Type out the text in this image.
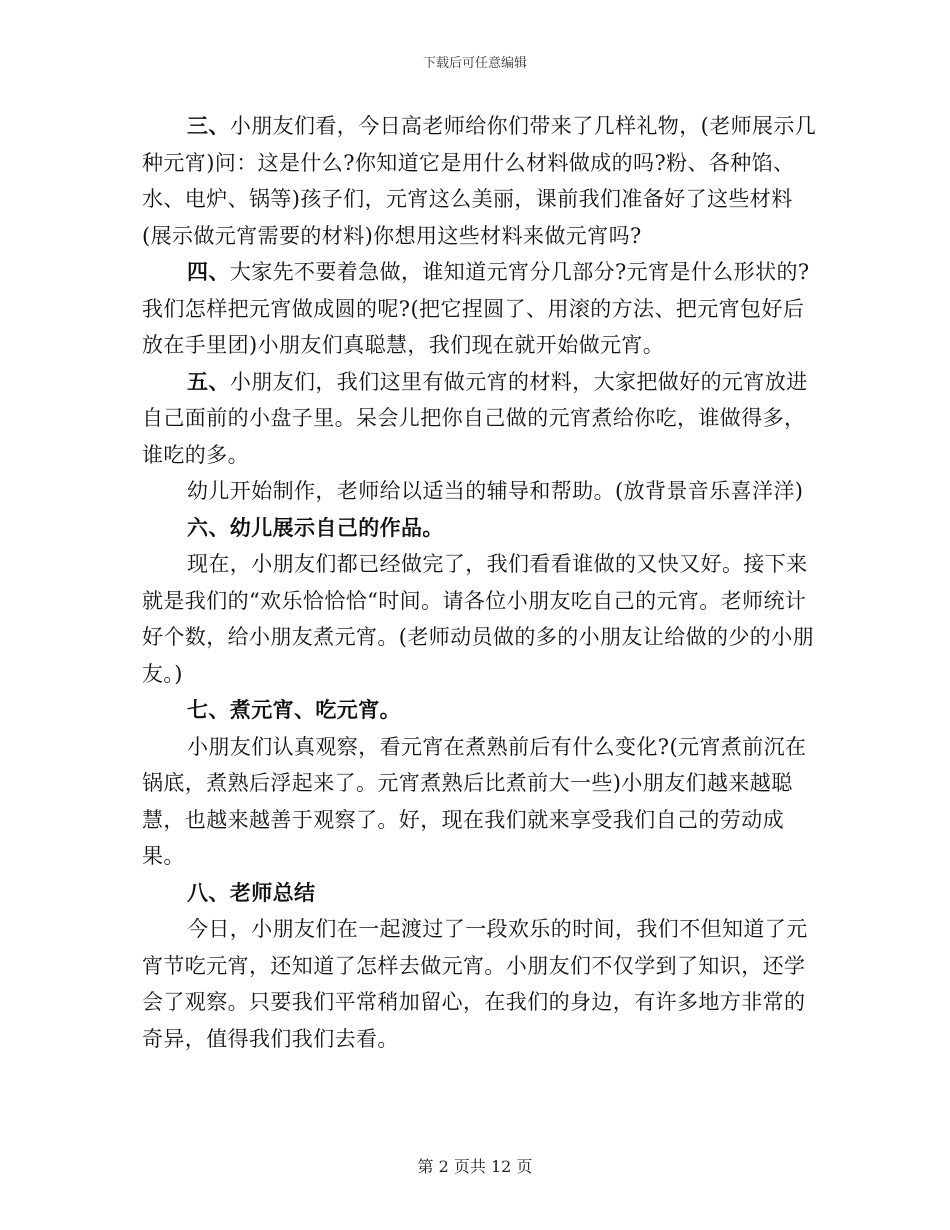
下载后可任意编辑

三、小朋友们看，今日高老师给你们带来了几样礼物，(老师展示几种元宵)问：这是什么?你知道它是用什么材料做成的吗?粉、各种馅、水、电炉、锅等)孩子们，元宵这么美丽，课前我们准备好了这些材料(展示做元宵需要的材料)你想用这些材料来做元宵吗?

四、大家先不要着急做，谁知道元宵分几部分?元宵是什么形状的?我们怎样把元宵做成圆的呢?(把它捏圆了、用滚的方法、把元宵包好后放在手里团)小朋友们真聪慧，我们现在就开始做元宵。

五、小朋友们，我们这里有做元宵的材料，大家把做好的元宵放进自己面前的小盘子里。呆会儿把你自己做的元宵煮给你吃，谁做得多，谁吃的多。

幼儿开始制作，老师给以适当的辅导和帮助。(放背景音乐喜洋洋)

六、幼儿展示自己的作品。

现在，小朋友们都已经做完了，我们看看谁做的又快又好。接下来就是我们的“欢乐恰恰恰“时间。请各位小朋友吃自己的元宵。老师统计好个数，给小朋友煮元宵。(老师动员做的多的小朋友让给做的少的小朋友。)

七、煮元宵、吃元宵。

小朋友们认真观察，看元宵在煮熟前后有什么变化?(元宵煮前沉在锅底，煮熟后浮起来了。元宵煮熟后比煮前大一些)小朋友们越来越聪慧，也越来越善于观察了。好，现在我们就来享受我们自己的劳动成果。

八、老师总结

今日，小朋友们在一起渡过了一段欢乐的时间，我们不但知道了元宵节吃元宵，还知道了怎样去做元宵。小朋友们不仅学到了知识，还学会了观察。只要我们平常稍加留心，在我们的身边，有许多地方非常的奇异，值得我们我们去看。

第 2 页共 12 页
